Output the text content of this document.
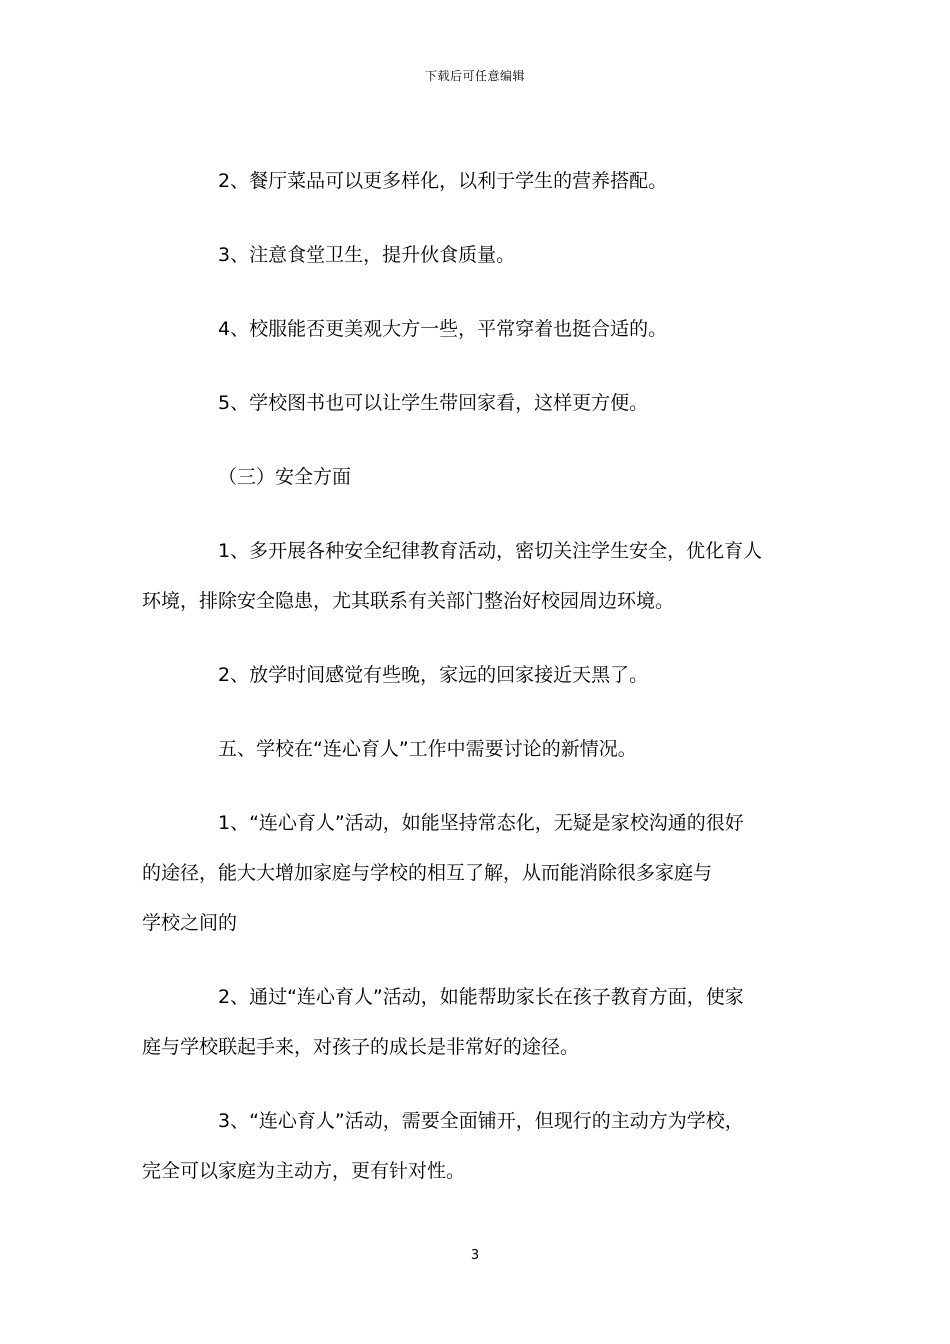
下载后可任意编辑
2、餐厅菜品可以更多样化，以利于学生的营养搭配。
3、注意食堂卫生，提升伙食质量。
4、校服能否更美观大方一些，平常穿着也挺合适的。
5、学校图书也可以让学生带回家看，这样更方便。
（三）安全方面
1、多开展各种安全纪律教育活动，密切关注学生安全，优化育人
环境，排除安全隐患，尤其联系有关部门整治好校园周边环境。
2、放学时间感觉有些晚，家远的回家接近天黑了。
五、学校在“连心育人”工作中需要讨论的新情况。
1、“连心育人”活动，如能坚持常态化，无疑是家校沟通的很好
的途径，能大大增加家庭与学校的相互了解，从而能消除很多家庭与
学校之间的
2、通过“连心育人”活动，如能帮助家长在孩子教育方面，使家
庭与学校联起手来，对孩子的成长是非常好的途径。
3、“连心育人”活动，需要全面铺开，但现行的主动方为学校，
完全可以家庭为主动方，更有针对性。
3
